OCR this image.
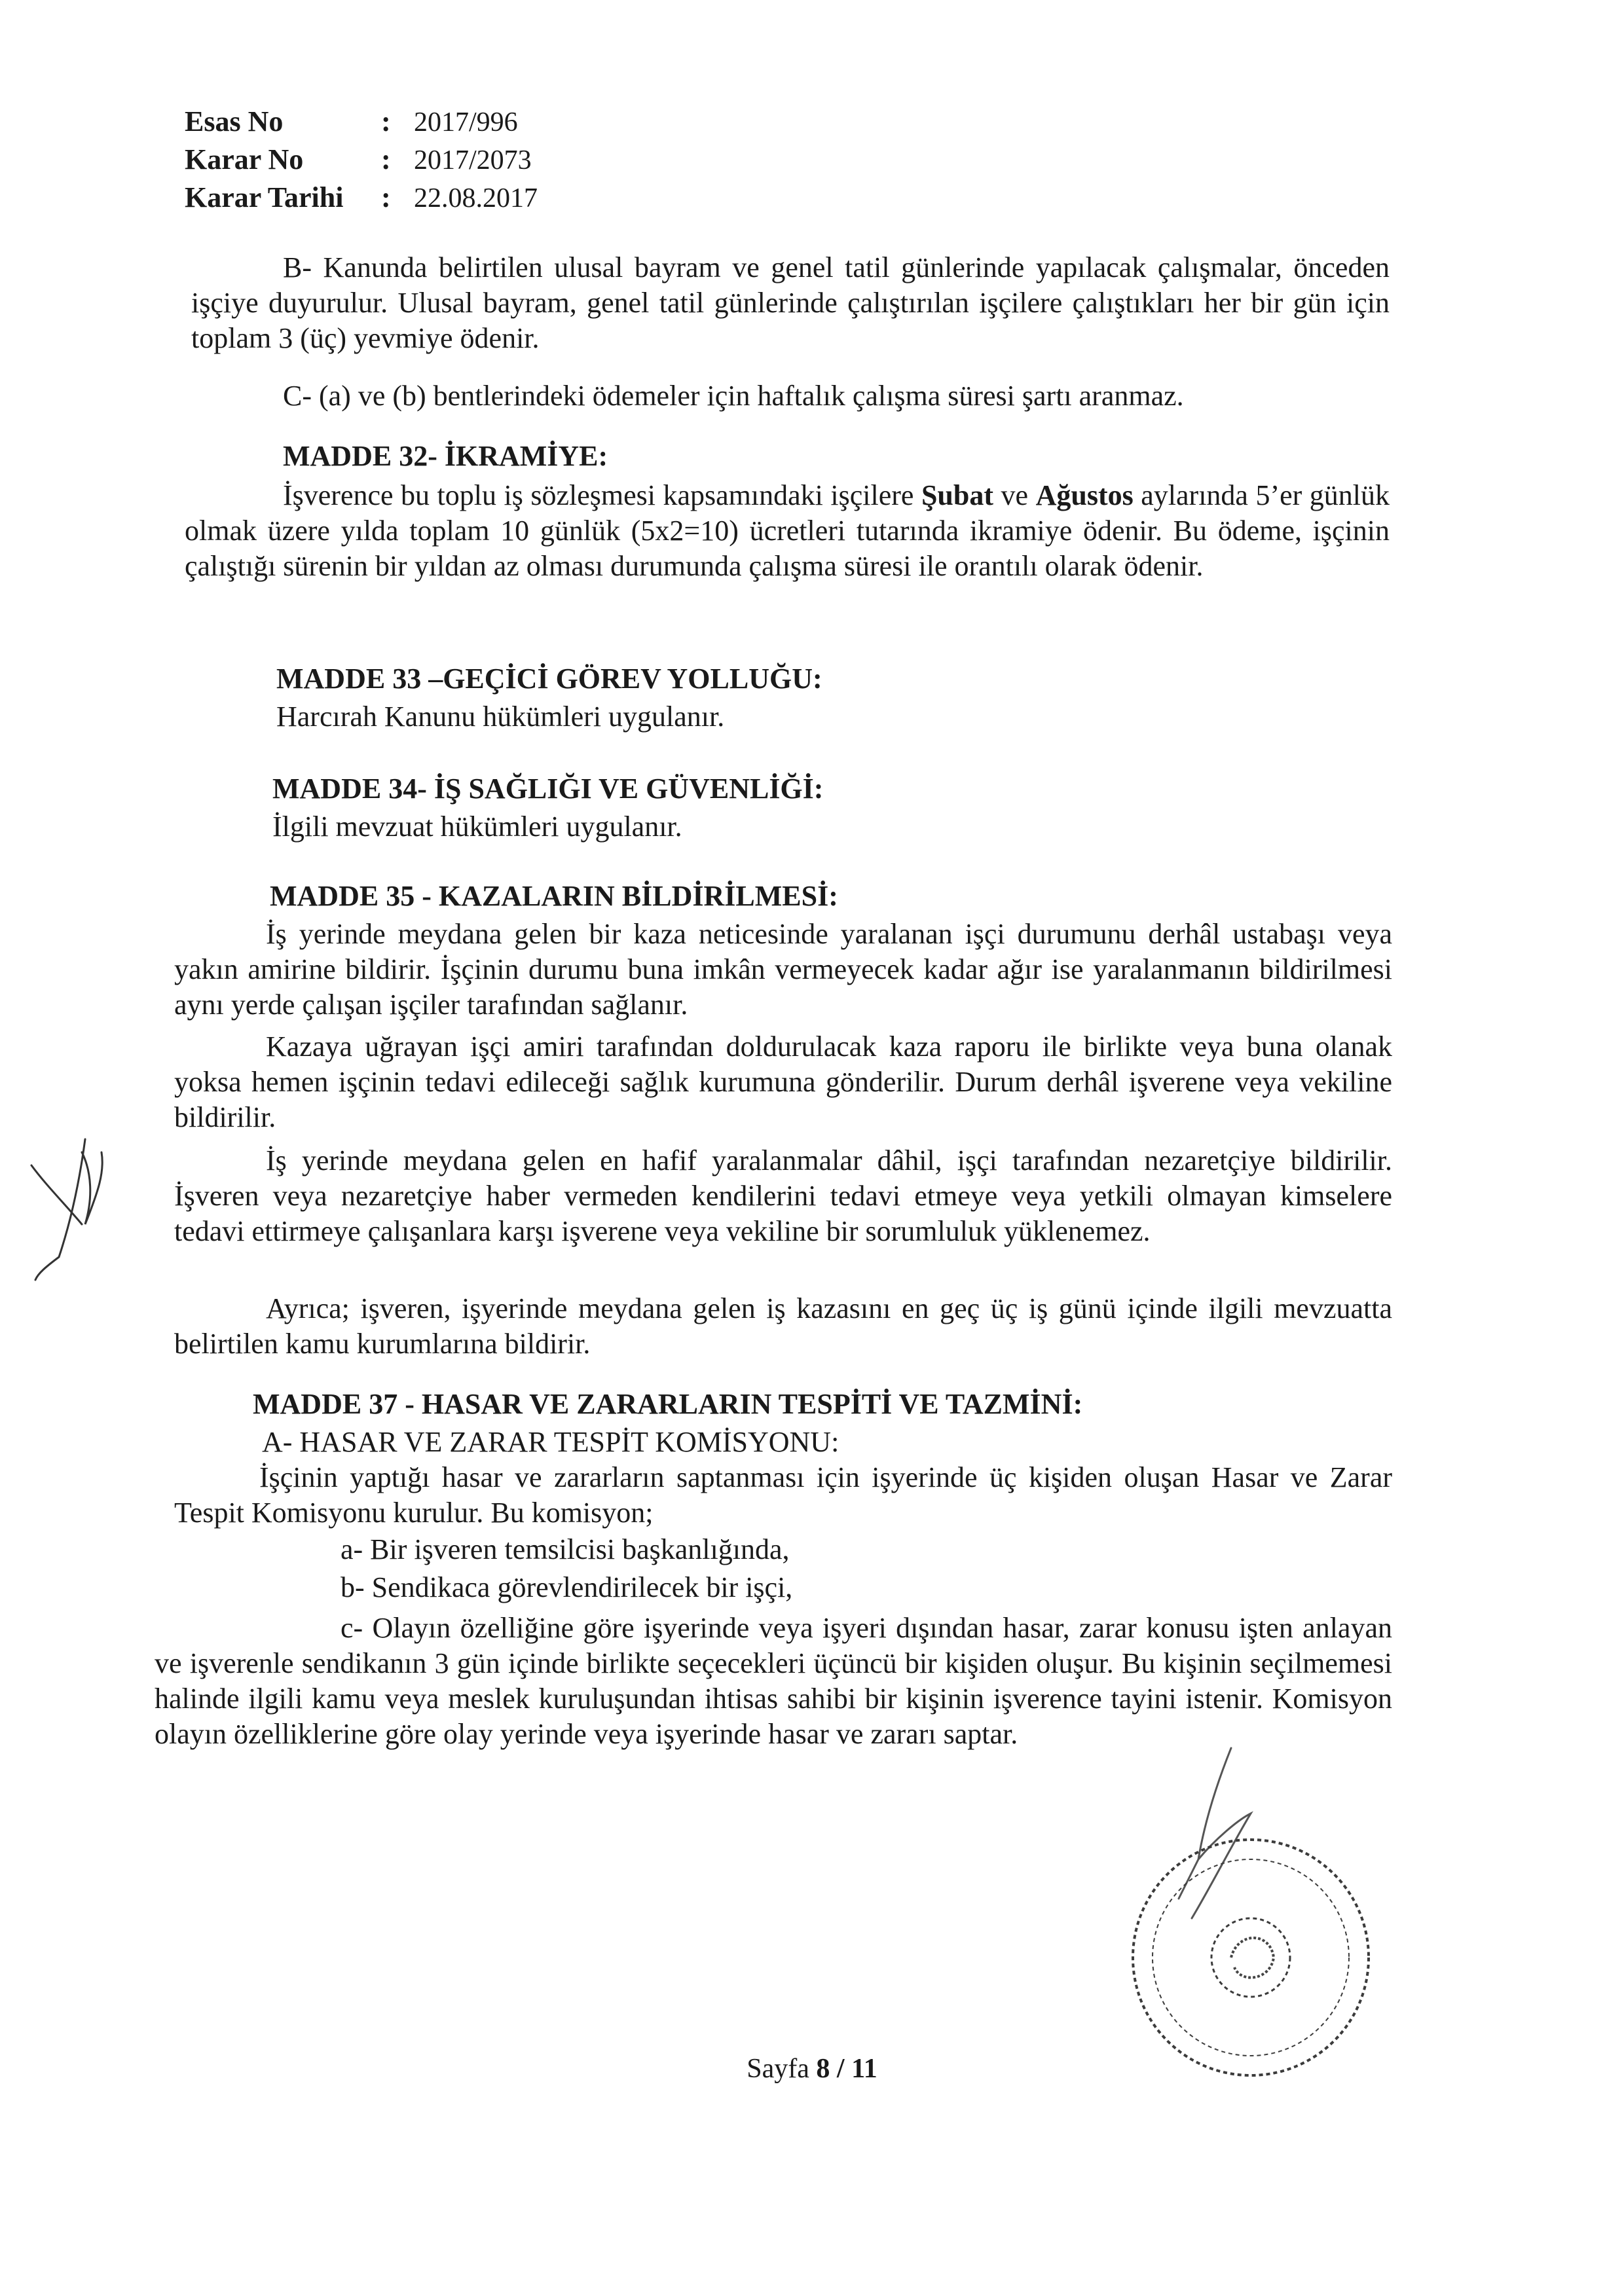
Esas No	: 2017/996
Karar No	: 2017/2073
Karar Tarihi : 22.08.2017

B- Kanunda belirtilen ulusal bayram ve genel tatil günlerinde yapılacak çalışmalar, önceden işçiye duyurulur. Ulusal bayram, genel tatil günlerinde çalıştırılan işçilere çalıştıkları her bir gün için toplam 3 (üç) yevmiye ödenir.

C- (a) ve (b) bentlerindeki ödemeler için haftalık çalışma süresi şartı aranmaz.

MADDE 32- İKRAMİYE:

İşverence bu toplu iş sözleşmesi kapsamındaki işçilere Şubat ve Ağustos aylarında 5’er günlük olmak üzere yılda toplam 10 günlük (5x2=10) ücretleri tutarında ikramiye ödenir. Bu ödeme, işçinin çalıştığı sürenin bir yıldan az olması durumunda çalışma süresi ile orantılı olarak ödenir.

MADDE 33 –GEÇİCİ GÖREV YOLLUĞU:

Harcırah Kanunu hükümleri uygulanır.

MADDE 34- İŞ SAĞLIĞI VE GÜVENLİĞİ:

İlgili mevzuat hükümleri uygulanır.

MADDE 35 - KAZALARIN BİLDİRİLMESİ:

İş yerinde meydana gelen bir kaza neticesinde yaralanan işçi durumunu derhâl ustabaşı veya yakın amirine bildirir. İşçinin durumu buna imkân vermeyecek kadar ağır ise yaralanmanın bildirilmesi aynı yerde çalışan işçiler tarafından sağlanır.

Kazaya uğrayan işçi amiri tarafından doldurulacak kaza raporu ile birlikte veya buna olanak yoksa hemen işçinin tedavi edileceği sağlık kurumuna gönderilir. Durum derhâl işverene veya vekiline bildirilir.

İş yerinde meydana gelen en hafif yaralanmalar dâhil, işçi tarafından nezaretçiye bildirilir. İşveren veya nezaretçiye haber vermeden kendilerini tedavi etmeye veya yetkili olmayan kimselere tedavi ettirmeye çalışanlara karşı işverene veya vekiline bir sorumluluk yüklenemez.

Ayrıca; işveren, işyerinde meydana gelen iş kazasını en geç üç iş günü içinde ilgili mevzuatta belirtilen kamu kurumlarına bildirir.

MADDE 37 - HASAR VE ZARARLARIN TESPİTİ VE TAZMİNİ:

A- HASAR VE ZARAR TESPİT KOMİSYONU:

İşçinin yaptığı hasar ve zararların saptanması için işyerinde üç kişiden oluşan Hasar ve Zarar Tespit Komisyonu kurulur. Bu komisyon;

a- Bir işveren temsilcisi başkanlığında,

b- Sendikaca görevlendirilecek bir işçi,

c- Olayın özelliğine göre işyerinde veya işyeri dışından hasar, zarar konusu işten anlayan ve işverenle sendikanın 3 gün içinde birlikte seçecekleri üçüncü bir kişiden oluşur. Bu kişinin seçilmemesi halinde ilgili kamu veya meslek kuruluşundan ihtisas sahibi bir kişinin işverence tayini istenir. Komisyon olayın özelliklerine göre olay yerinde veya işyerinde hasar ve zararı saptar.

Sayfa 8 / 11
